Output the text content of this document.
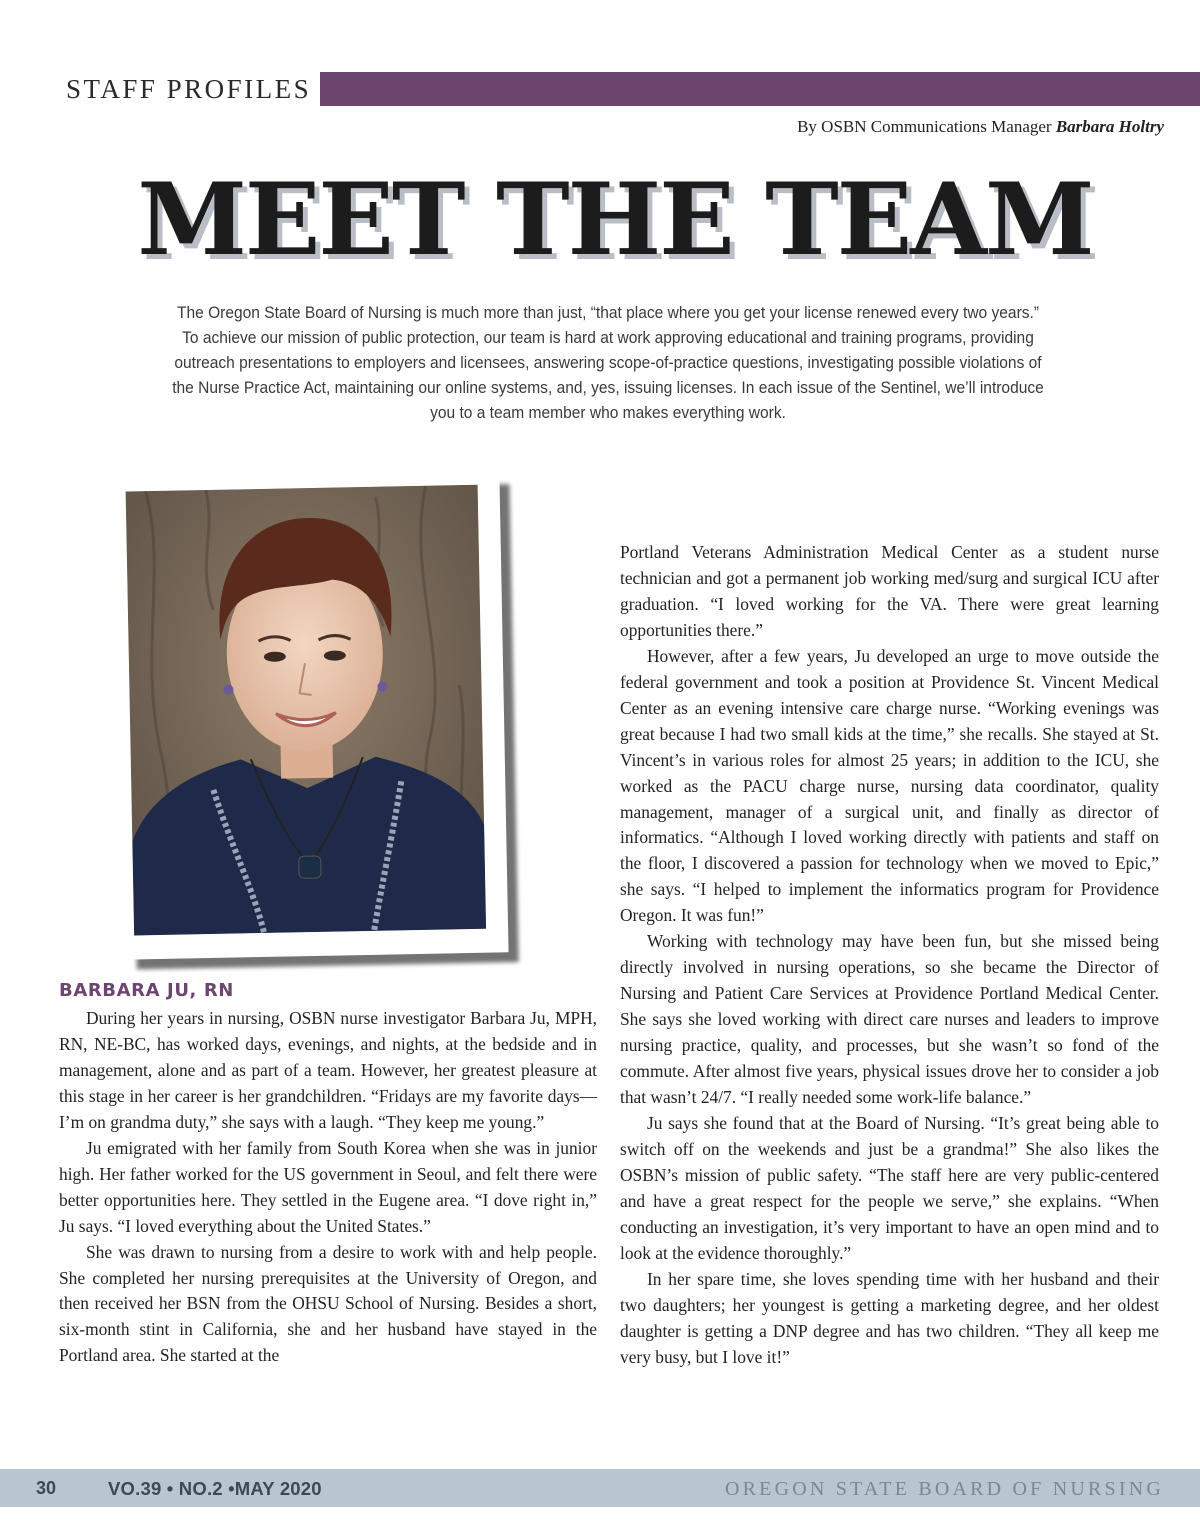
STAFF PROFILES
By OSBN Communications Manager Barbara Holtry
MEET THE TEAM
The Oregon State Board of Nursing is much more than just, “that place where you get your license renewed every two years.”
To achieve our mission of public protection, our team is hard at work approving educational and training programs, providing
outreach presentations to employers and licensees, answering scope-of-practice questions, investigating possible violations of
the Nurse Practice Act, maintaining our online systems, and, yes, issuing licenses. In each issue of the Sentinel, we’ll introduce
you to a team member who makes everything work.
BARBARA JU, RN

During her years in nursing, OSBN nurse investigator Barbara Ju, MPH, RN, NE-BC, has worked days, evenings, and nights, at the bedside and in management, alone and as part of a team. However, her greatest pleasure at this stage in her career is her grandchildren. “Fridays are my favorite days—I’m on grandma duty,” she says with a laugh. “They keep me young.”

Ju emigrated with her family from South Korea when she was in junior high. Her father worked for the US government in Seoul, and felt there were better opportunities here. They settled in the Eugene area. “I dove right in,” Ju says. “I loved everything about the United States.”

She was drawn to nursing from a desire to work with and help people. She completed her nursing prerequisites at the University of Oregon, and then received her BSN from the OHSU School of Nursing. Besides a short, six-month stint in California, she and her husband have stayed in the Portland area. She started at the

Portland Veterans Administration Medical Center as a student nurse technician and got a permanent job working med/surg and surgical ICU after graduation. “I loved working for the VA. There were great learning opportunities there.”

However, after a few years, Ju developed an urge to move outside the federal government and took a position at Providence St. Vincent Medical Center as an evening intensive care charge nurse. “Working evenings was great because I had two small kids at the time,” she recalls. She stayed at St. Vincent’s in various roles for almost 25 years; in addition to the ICU, she worked as the PACU charge nurse, nursing data coordinator, quality management, manager of a surgical unit, and finally as director of informatics. “Although I loved working directly with patients and staff on the floor, I discovered a passion for technology when we moved to Epic,” she says. “I helped to implement the informatics program for Providence Oregon. It was fun!”

Working with technology may have been fun, but she missed being directly involved in nursing operations, so she became the Director of Nursing and Patient Care Services at Providence Portland Medical Center. She says she loved working with direct care nurses and leaders to improve nursing practice, quality, and processes, but she wasn’t so fond of the commute. After almost five years, physical issues drove her to consider a job that wasn’t 24/7. “I really needed some work-life balance.”

Ju says she found that at the Board of Nursing. “It’s great being able to switch off on the weekends and just be a grandma!” She also likes the OSBN’s mission of public safety. “The staff here are very public-centered and have a great respect for the people we serve,” she explains. “When conducting an investigation, it’s very important to have an open mind and to look at the evidence thoroughly.”

In her spare time, she loves spending time with her husband and their two daughters; her youngest is getting a marketing degree, and her oldest daughter is getting a DNP degree and has two children. “They all keep me very busy, but I love it!”

30	VO.39 • NO.2 •MAY 2020	OREGON STATE BOARD OF NURSING
